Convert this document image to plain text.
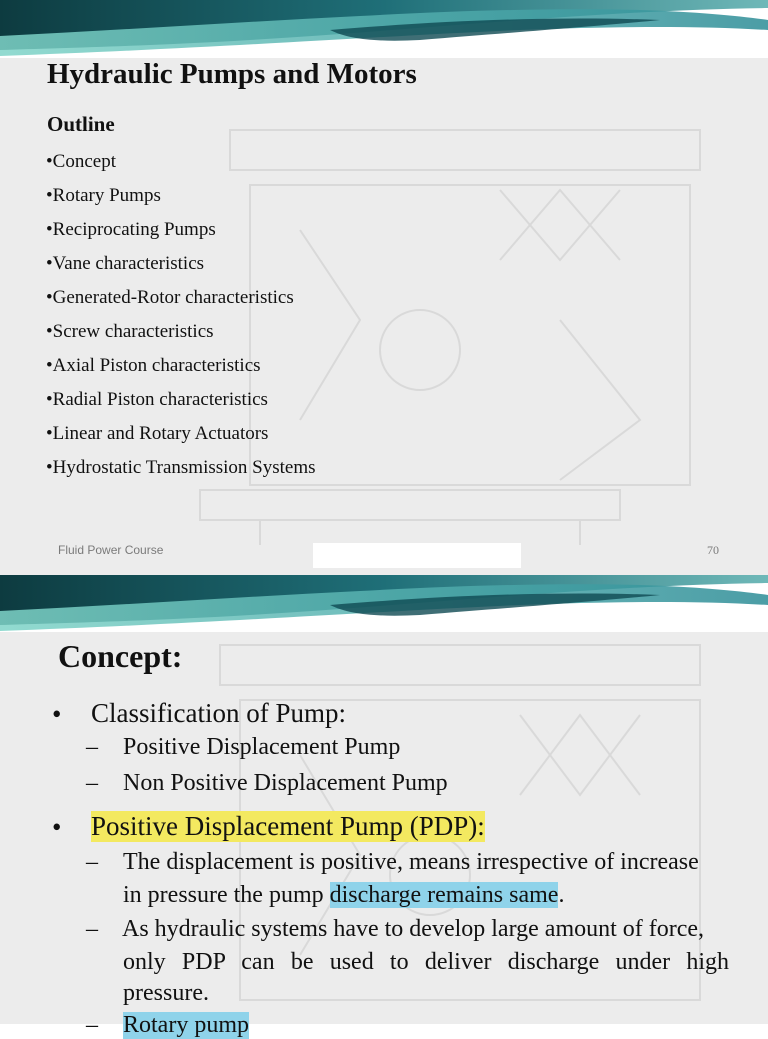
Hydraulic Pumps and Motors
Outline
•Concept
•Rotary Pumps
•Reciprocating Pumps
•Vane characteristics
•Generated-Rotor characteristics
•Screw characteristics
•Axial Piston characteristics
•Radial Piston characteristics
•Linear and Rotary Actuators
•Hydrostatic Transmission Systems
Fluid Power Course	70
Concept:
• Classification of Pump:
– Positive Displacement Pump
– Non Positive Displacement Pump
• Positive Displacement Pump (PDP):
– The displacement is positive, means irrespective of increase
in pressure the pump discharge remains same.
– As hydraulic systems have to develop large amount of force,
only PDP can be used to deliver discharge under high
pressure.
– Rotary pump
